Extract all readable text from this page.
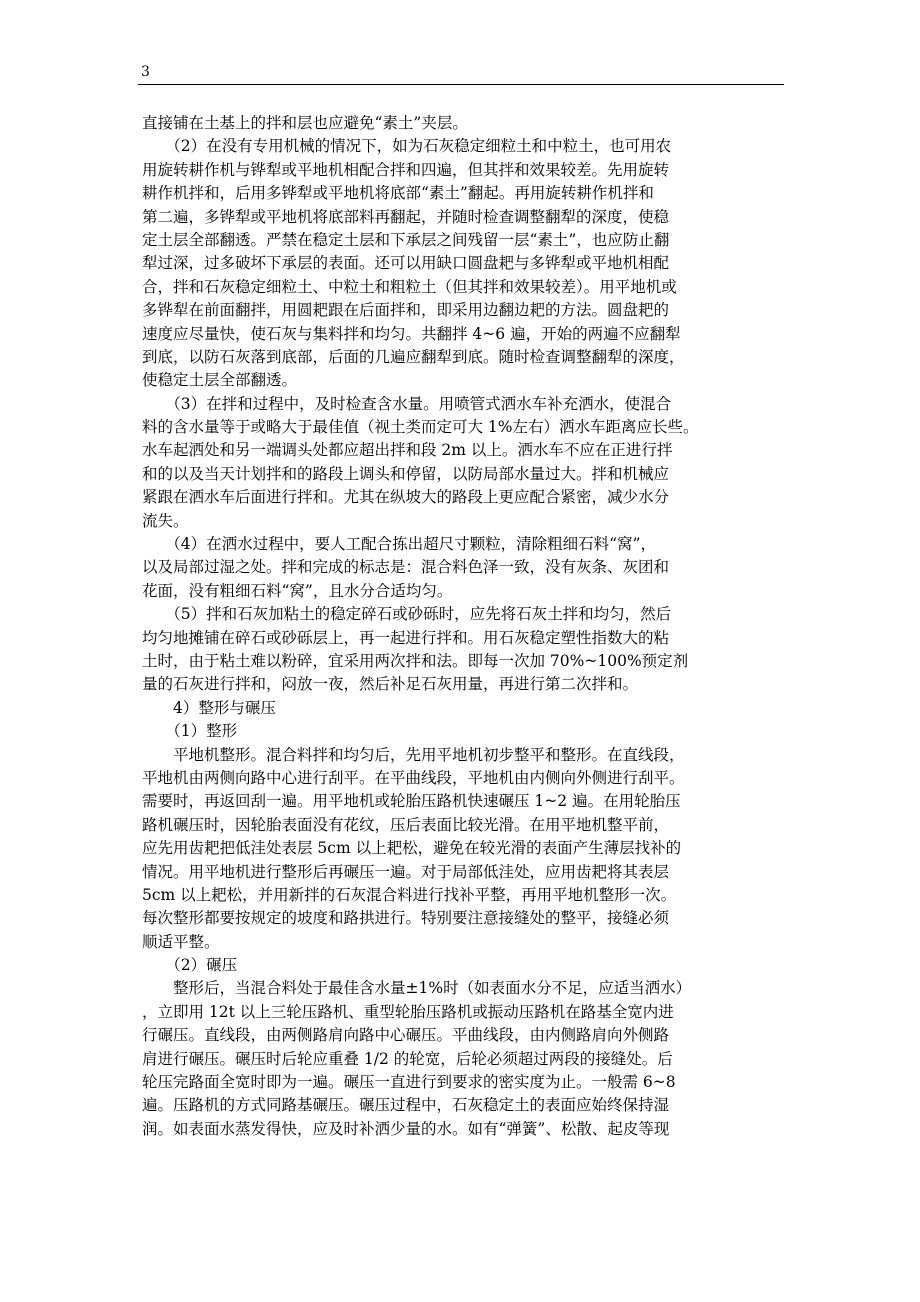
3
直接铺在土基上的拌和层也应避免“素土”夹层。
　　（2）在没有专用机械的情况下，如为石灰稳定细粒土和中粒土，也可用农
用旋转耕作机与铧犁或平地机相配合拌和四遍，但其拌和效果较差。先用旋转
耕作机拌和，后用多铧犁或平地机将底部“素土”翻起。再用旋转耕作机拌和
第二遍，多铧犁或平地机将底部料再翻起，并随时检查调整翻犁的深度，使稳
定土层全部翻透。严禁在稳定土层和下承层之间残留一层“素土”，也应防止翻
犁过深，过多破坏下承层的表面。还可以用缺口圆盘耙与多铧犁或平地机相配
合，拌和石灰稳定细粒土、中粒土和粗粒土（但其拌和效果较差）。用平地机或
多铧犁在前面翻拌，用圆耙跟在后面拌和，即采用边翻边耙的方法。圆盘耙的
速度应尽量快，使石灰与集料拌和均匀。共翻拌 4~6 遍，开始的两遍不应翻犁
到底，以防石灰落到底部，后面的几遍应翻犁到底。随时检查调整翻犁的深度，
使稳定土层全部翻透。
　　（3）在拌和过程中，及时检查含水量。用喷管式洒水车补充洒水，使混合
料的含水量等于或略大于最佳值（视土类而定可大 1%左右）洒水车距离应长些。
水车起洒处和另一端调头处都应超出拌和段 2m 以上。洒水车不应在正进行拌
和的以及当天计划拌和的路段上调头和停留，以防局部水量过大。拌和机械应
紧跟在洒水车后面进行拌和。尤其在纵坡大的路段上更应配合紧密，减少水分
流失。
　　（4）在洒水过程中，要人工配合拣出超尺寸颗粒，清除粗细石料“窝”，
以及局部过湿之处。拌和完成的标志是：混合料色泽一致，没有灰条、灰团和
花面，没有粗细石料“窝”，且水分合适均匀。
　　（5）拌和石灰加粘土的稳定碎石或砂砾时，应先将石灰土拌和均匀，然后
均匀地摊铺在碎石或砂砾层上，再一起进行拌和。用石灰稳定塑性指数大的粘
土时，由于粘土难以粉碎，宜采用两次拌和法。即每一次加 70%~100%预定剂
量的石灰进行拌和，闷放一夜，然后补足石灰用量，再进行第二次拌和。
　　4）整形与碾压
　　（1）整形
　　平地机整形。混合料拌和均匀后，先用平地机初步整平和整形。在直线段，
平地机由两侧向路中心进行刮平。在平曲线段，平地机由内侧向外侧进行刮平。
需要时，再返回刮一遍。用平地机或轮胎压路机快速碾压 1~2 遍。在用轮胎压
路机碾压时，因轮胎表面没有花纹，压后表面比较光滑。在用平地机整平前，
应先用齿耙把低洼处表层 5cm 以上耙松，避免在较光滑的表面产生薄层找补的
情况。用平地机进行整形后再碾压一遍。对于局部低洼处，应用齿耙将其表层
5cm 以上耙松，并用新拌的石灰混合料进行找补平整，再用平地机整形一次。
每次整形都要按规定的坡度和路拱进行。特别要注意接缝处的整平，接缝必须
顺适平整。
　　（2）碾压
　　整形后，当混合料处于最佳含水量±1%时（如表面水分不足，应适当洒水）
，立即用 12t 以上三轮压路机、重型轮胎压路机或振动压路机在路基全宽内进
行碾压。直线段，由两侧路肩向路中心碾压。平曲线段，由内侧路肩向外侧路
肩进行碾压。碾压时后轮应重叠 1/2 的轮宽，后轮必须超过两段的接缝处。后
轮压完路面全宽时即为一遍。碾压一直进行到要求的密实度为止。一般需 6~8
遍。压路机的方式同路基碾压。碾压过程中，石灰稳定土的表面应始终保持湿
润。如表面水蒸发得快，应及时补洒少量的水。如有“弹簧”、松散、起皮等现
